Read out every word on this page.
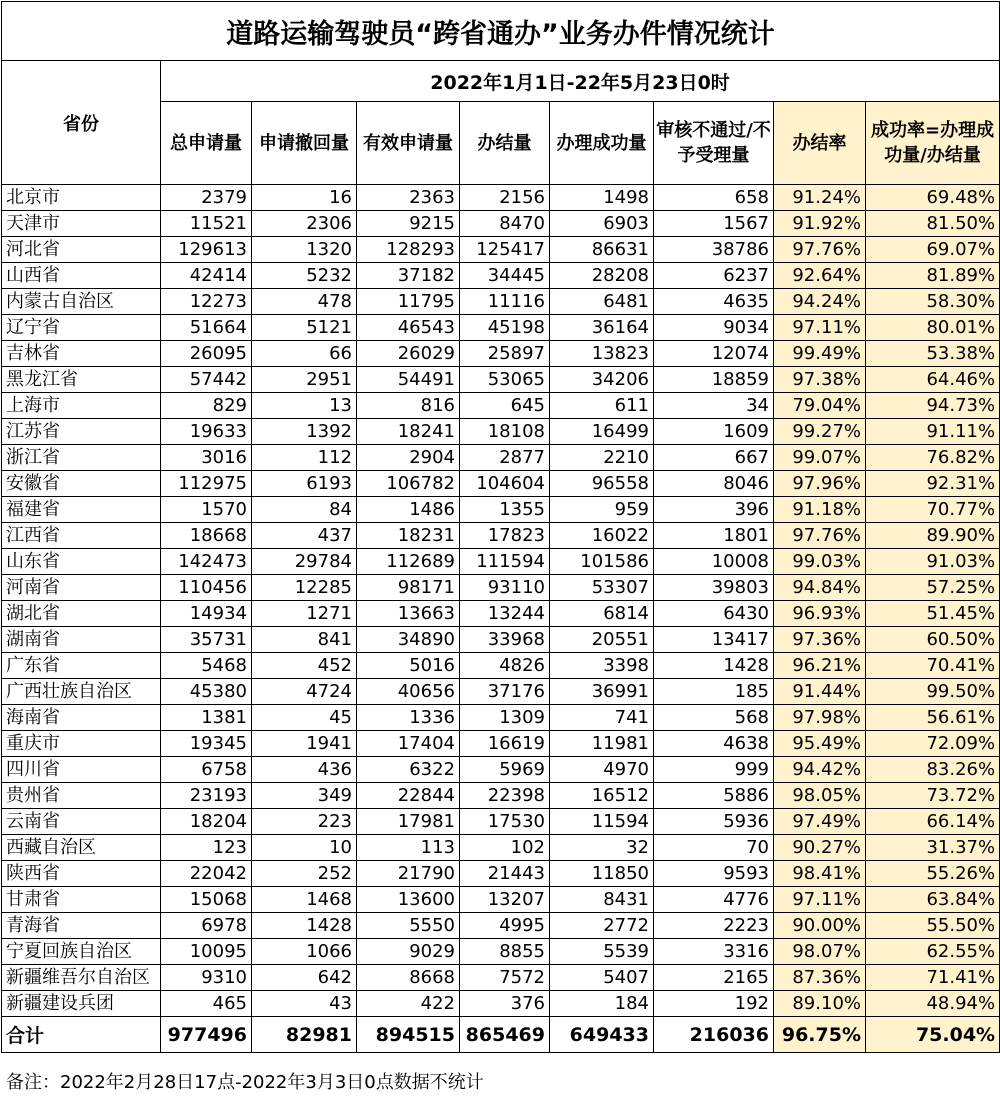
道路运输驾驶员“跨省通办”业务办件情况统计								
省份	2022年1月1日-22年5月23日0时							
	总申请量	申请撤回量	有效申请量	办结量	办理成功量	审核不通过/不予受理量	办结率	成功率=办理成功量/办结量
北京市	2379	16	2363	2156	1498	658	91.24%	69.48%
天津市	11521	2306	9215	8470	6903	1567	91.92%	81.50%
河北省	129613	1320	128293	125417	86631	38786	97.76%	69.07%
山西省	42414	5232	37182	34445	28208	6237	92.64%	81.89%
内蒙古自治区	12273	478	11795	11116	6481	4635	94.24%	58.30%
辽宁省	51664	5121	46543	45198	36164	9034	97.11%	80.01%
吉林省	26095	66	26029	25897	13823	12074	99.49%	53.38%
黑龙江省	57442	2951	54491	53065	34206	18859	97.38%	64.46%
上海市	829	13	816	645	611	34	79.04%	94.73%
江苏省	19633	1392	18241	18108	16499	1609	99.27%	91.11%
浙江省	3016	112	2904	2877	2210	667	99.07%	76.82%
安徽省	112975	6193	106782	104604	96558	8046	97.96%	92.31%
福建省	1570	84	1486	1355	959	396	91.18%	70.77%
江西省	18668	437	18231	17823	16022	1801	97.76%	89.90%
山东省	142473	29784	112689	111594	101586	10008	99.03%	91.03%
河南省	110456	12285	98171	93110	53307	39803	94.84%	57.25%
湖北省	14934	1271	13663	13244	6814	6430	96.93%	51.45%
湖南省	35731	841	34890	33968	20551	13417	97.36%	60.50%
广东省	5468	452	5016	4826	3398	1428	96.21%	70.41%
广西壮族自治区	45380	4724	40656	37176	36991	185	91.44%	99.50%
海南省	1381	45	1336	1309	741	568	97.98%	56.61%
重庆市	19345	1941	17404	16619	11981	4638	95.49%	72.09%
四川省	6758	436	6322	5969	4970	999	94.42%	83.26%
贵州省	23193	349	22844	22398	16512	5886	98.05%	73.72%
云南省	18204	223	17981	17530	11594	5936	97.49%	66.14%
西藏自治区	123	10	113	102	32	70	90.27%	31.37%
陕西省	22042	252	21790	21443	11850	9593	98.41%	55.26%
甘肃省	15068	1468	13600	13207	8431	4776	97.11%	63.84%
青海省	6978	1428	5550	4995	2772	2223	90.00%	55.50%
宁夏回族自治区	10095	1066	9029	8855	5539	3316	98.07%	62.55%
新疆维吾尔自治区	9310	642	8668	7572	5407	2165	87.36%	71.41%
新疆建设兵团	465	43	422	376	184	192	89.10%	48.94%
合计	977496	82981	894515	865469	649433	216036	96.75%	75.04%
备注：2022年2月28日17点-2022年3月3日0点数据不统计
